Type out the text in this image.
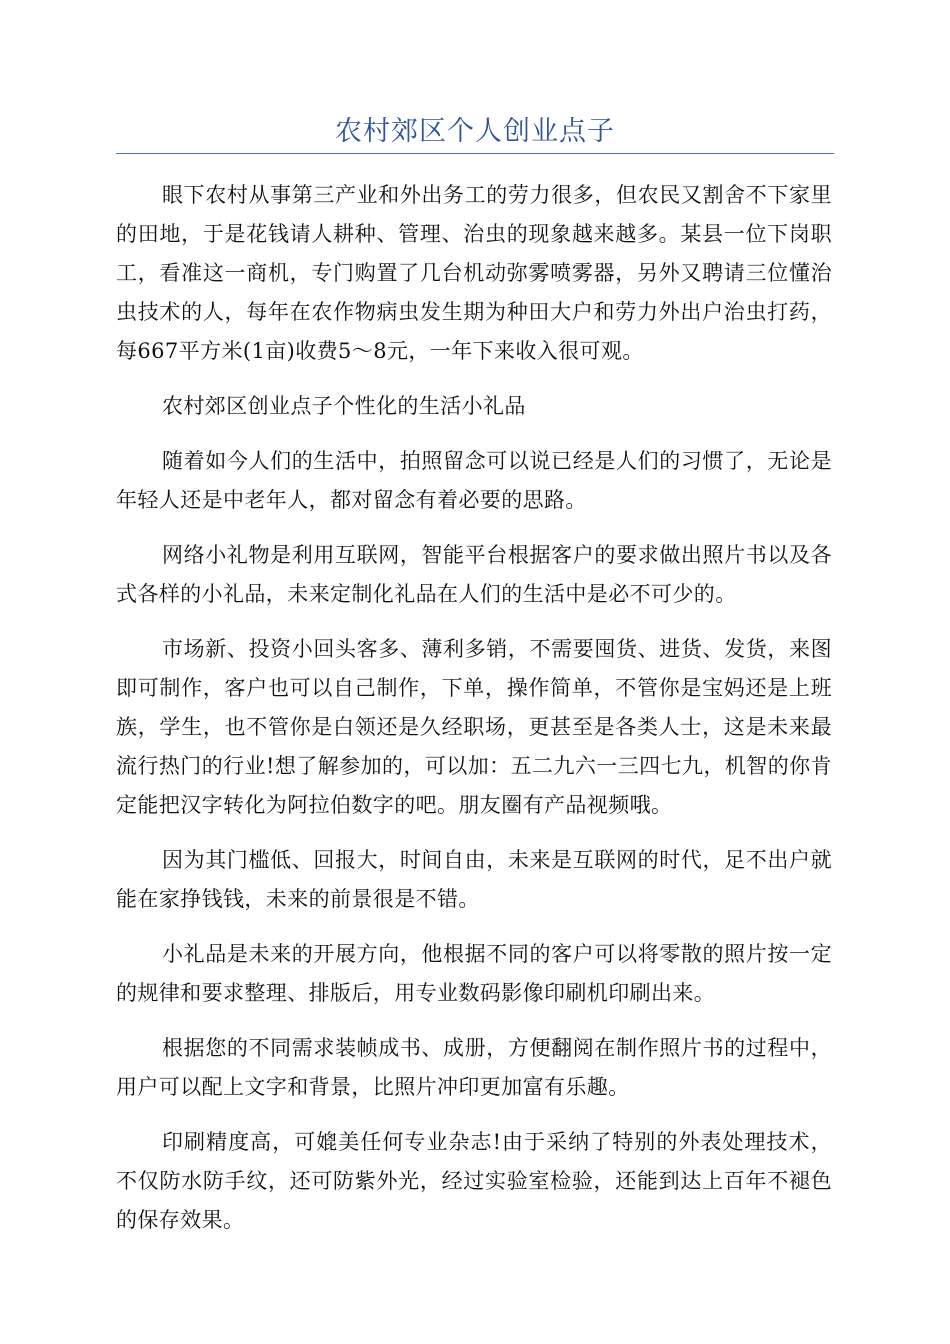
农村郊区个人创业点子

眼下农村从事第三产业和外出务工的劳力很多，但农民又割舍不下家里的田地，于是花钱请人耕种、管理、治虫的现象越来越多。某县一位下岗职工，看准这一商机，专门购置了几台机动弥雾喷雾器，另外又聘请三位懂治虫技术的人，每年在农作物病虫发生期为种田大户和劳力外出户治虫打药，每667平方米(1亩)收费5～8元，一年下来收入很可观。

农村郊区创业点子个性化的生活小礼品

随着如今人们的生活中，拍照留念可以说已经是人们的习惯了，无论是年轻人还是中老年人，都对留念有着必要的思路。

网络小礼物是利用互联网，智能平台根据客户的要求做出照片书以及各式各样的小礼品，未来定制化礼品在人们的生活中是必不可少的。

市场新、投资小回头客多、薄利多销，不需要囤货、进货、发货，来图即可制作，客户也可以自己制作，下单，操作简单，不管你是宝妈还是上班族，学生，也不管你是白领还是久经职场，更甚至是各类人士，这是未来最流行热门的行业!想了解参加的，可以加：五二九六一三四七九，机智的你肯定能把汉字转化为阿拉伯数字的吧。朋友圈有产品视频哦。

因为其门槛低、回报大，时间自由，未来是互联网的时代，足不出户就能在家挣钱钱，未来的前景很是不错。

小礼品是未来的开展方向，他根据不同的客户可以将零散的照片按一定的规律和要求整理、排版后，用专业数码影像印刷机印刷出来。

根据您的不同需求装帧成书、成册，方便翻阅在制作照片书的过程中，用户可以配上文字和背景，比照片冲印更加富有乐趣。

印刷精度高，可媲美任何专业杂志!由于采纳了特别的外表处理技术，不仅防水防手纹，还可防紫外光，经过实验室检验，还能到达上百年不褪色的保存效果。
